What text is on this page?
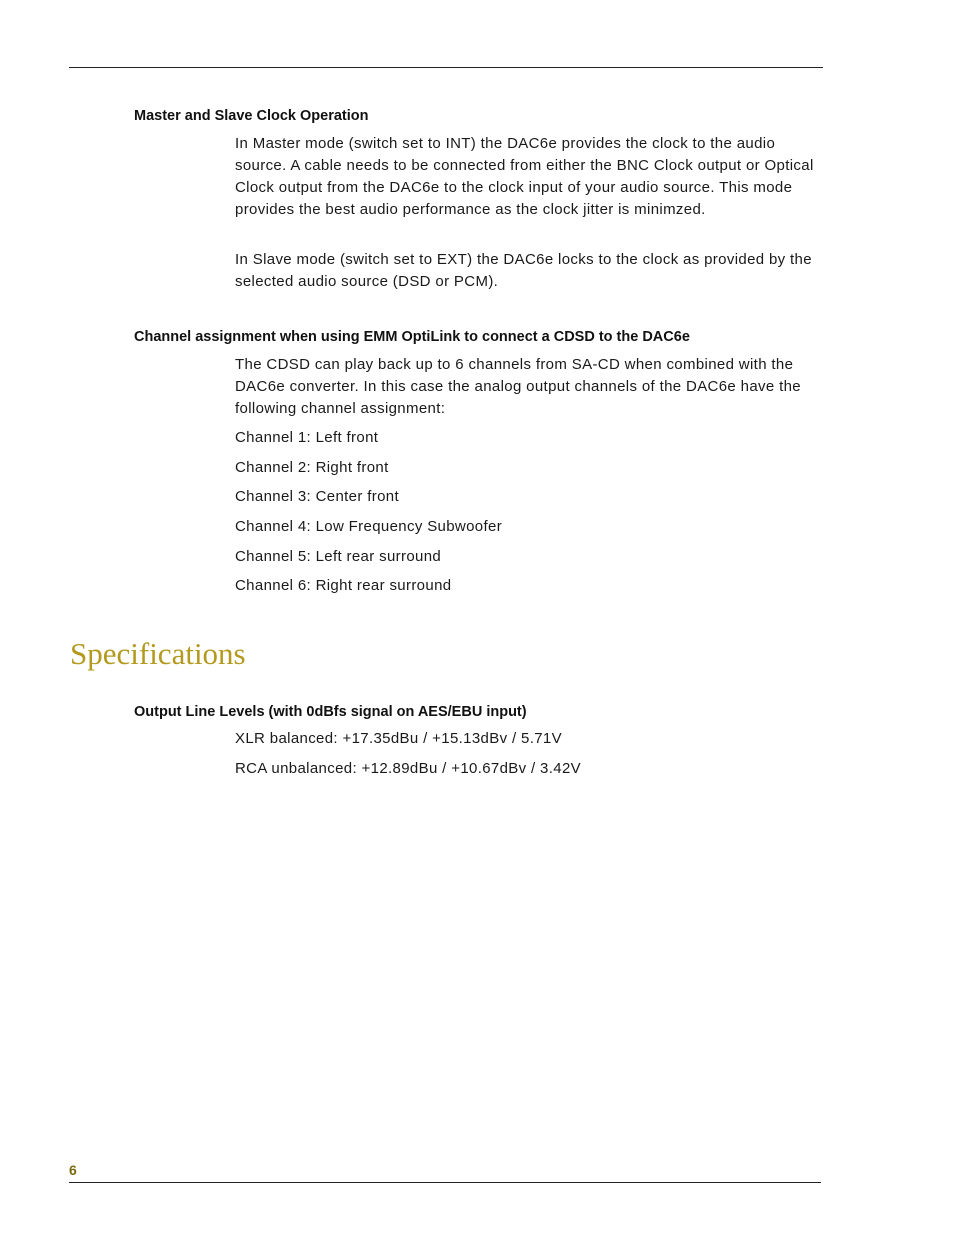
Master and Slave Clock Operation

In Master mode (switch set to INT) the DAC6e provides the clock to the audio source. A cable needs to be connected from either the BNC Clock output or Optical Clock output from the DAC6e to the clock input of your audio source. This mode provides the best audio performance as the clock jitter is minimzed.

In Slave mode (switch set to EXT) the DAC6e locks to the clock as provided by the selected audio source (DSD or PCM).

Channel assignment when using EMM OptiLink to connect a CDSD to the DAC6e

The CDSD can play back up to 6 channels from SA-CD when combined with the DAC6e converter. In this case the analog output channels of the DAC6e have the following channel assignment:

Channel 1: Left front

Channel 2: Right front

Channel 3: Center front

Channel 4: Low Frequency Subwoofer

Channel 5: Left rear surround

Channel 6: Right rear surround

Specifications
Output Line Levels (with 0dBfs signal on AES/EBU input)

XLR balanced: +17.35dBu / +15.13dBv / 5.71V

RCA unbalanced: +12.89dBu / +10.67dBv / 3.42V

6
